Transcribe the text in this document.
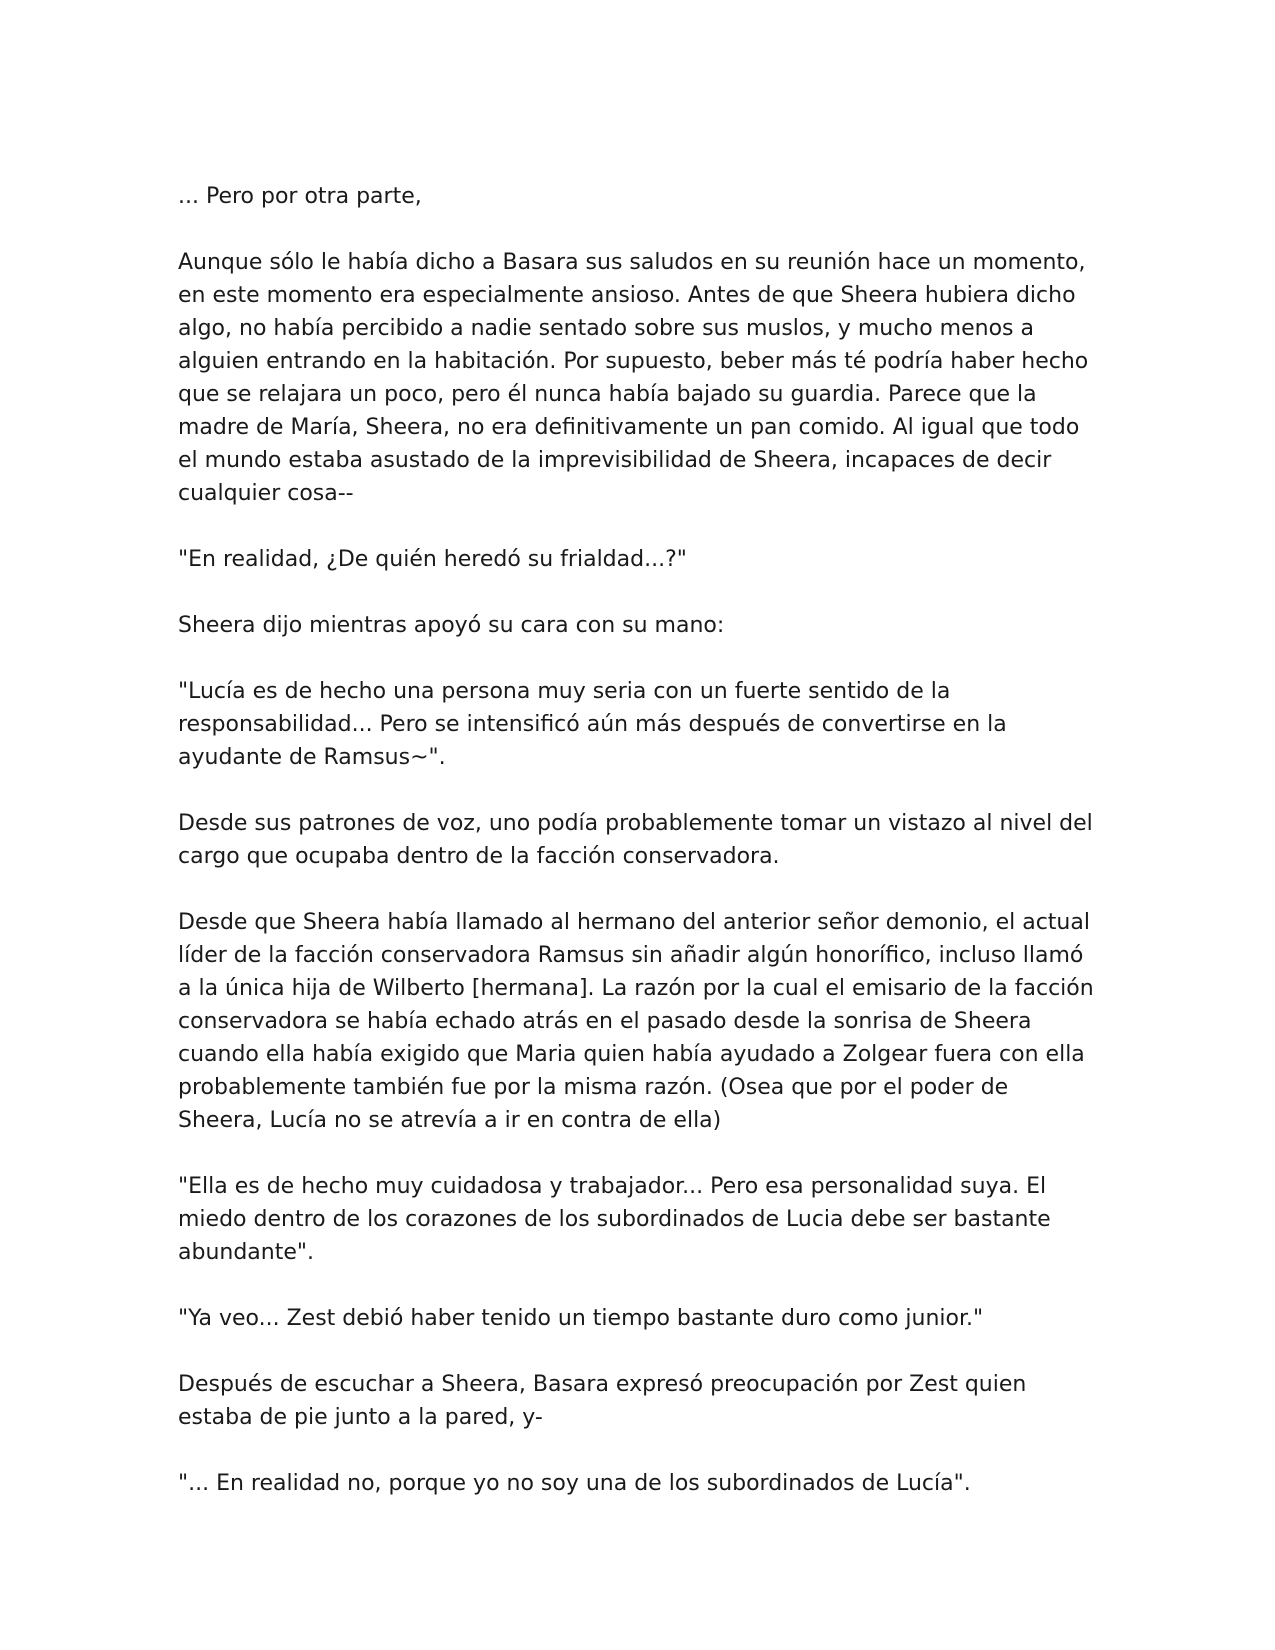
... Pero por otra parte,

Aunque sólo le había dicho a Basara sus saludos en su reunión hace un momento, en este momento era especialmente ansioso. Antes de que Sheera hubiera dicho algo, no había percibido a nadie sentado sobre sus muslos, y mucho menos a alguien entrando en la habitación. Por supuesto, beber más té podría haber hecho que se relajara un poco, pero él nunca había bajado su guardia. Parece que la madre de María, Sheera, no era definitivamente un pan comido. Al igual que todo el mundo estaba asustado de la imprevisibilidad de Sheera, incapaces de decir cualquier cosa--

"En realidad, ¿De quién heredó su frialdad...?"

Sheera dijo mientras apoyó su cara con su mano:

"Lucía es de hecho una persona muy seria con un fuerte sentido de la responsabilidad... Pero se intensificó aún más después de convertirse en la ayudante de Ramsus~".

Desde sus patrones de voz, uno podía probablemente tomar un vistazo al nivel del cargo que ocupaba dentro de la facción conservadora.

Desde que Sheera había llamado al hermano del anterior señor demonio, el actual líder de la facción conservadora Ramsus sin añadir algún honorífico, incluso llamó a la única hija de Wilberto [hermana]. La razón por la cual el emisario de la facción conservadora se había echado atrás en el pasado desde la sonrisa de Sheera cuando ella había exigido que Maria quien había ayudado a Zolgear fuera con ella probablemente también fue por la misma razón. (Osea que por el poder de Sheera, Lucía no se atrevía a ir en contra de ella)

"Ella es de hecho muy cuidadosa y trabajador... Pero esa personalidad suya. El miedo dentro de los corazones de los subordinados de Lucia debe ser bastante abundante".

"Ya veo... Zest debió haber tenido un tiempo bastante duro como junior."

Después de escuchar a Sheera, Basara expresó preocupación por Zest quien estaba de pie junto a la pared, y-

"... En realidad no, porque yo no soy una de los subordinados de Lucía".
